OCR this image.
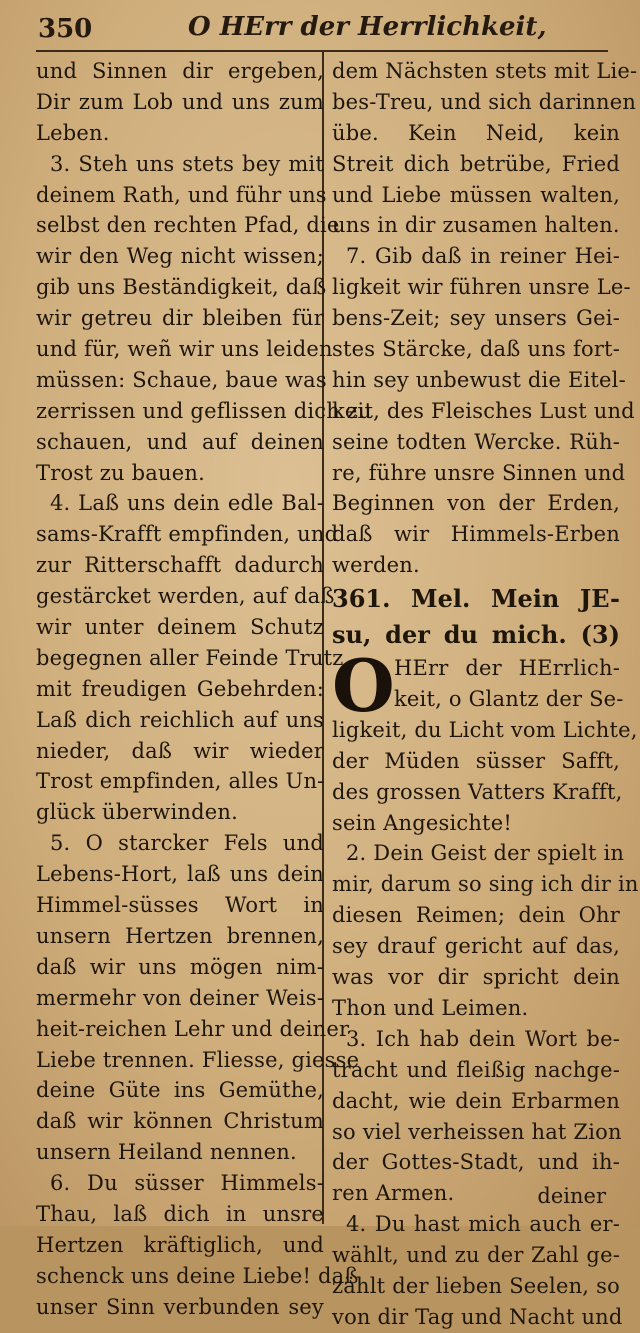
350	O HErr der Herrlichkeit,
und Sinnen dir ergeben,
Dir zum Lob und uns zum
Leben.
3. Steh uns stets bey mit
deinem Rath, und führ uns
selbst den rechten Pfad, die
wir den Weg nicht wissen;
gib uns Beständigkeit, daß
wir getreu dir bleiben für
und für, weñ wir uns leiden
müssen: Schaue, baue was
zerrissen und geflissen dich zu
schauen, und auf deinen
Trost zu bauen.
4. Laß uns dein edle Bal-
sams-Krafft empfinden, und
zur Ritterschafft dadurch
gestärcket werden, auf daß
wir unter deinem Schutz
begegnen aller Feinde Trutz
mit freudigen Gebehrden:
Laß dich reichlich auf uns
nieder, daß wir wieder
Trost empfinden, alles Un-
glück überwinden.
5. O starcker Fels und
Lebens-Hort, laß uns dein
Himmel-süsses Wort in
unsern Hertzen brennen,
daß wir uns mögen nim-
mermehr von deiner Weis-
heit-reichen Lehr und deiner
Liebe trennen. Fliesse, giesse
deine Güte ins Gemüthe,
daß wir können Christum
unsern Heiland nennen.
6. Du süsser Himmels-
Thau, laß dich in unsre
Hertzen kräftiglich, und
schenck uns deine Liebe! daß
unser Sinn verbunden sey
dem Nächsten stets mit Lie-
bes-Treu, und sich darinnen
übe. Kein Neid, kein
Streit dich betrübe, Fried
und Liebe müssen walten,
uns in dir zusamen halten.
7. Gib daß in reiner Hei-
ligkeit wir führen unsre Le-
bens-Zeit; sey unsers Gei-
stes Stärcke, daß uns fort-
hin sey unbewust die Eitel-
keit, des Fleisches Lust und
seine todten Wercke. Rüh-
re, führe unsre Sinnen und
Beginnen von der Erden,
daß wir Himmels-Erben
werden.
361. Mel. Mein JE-
su, der du mich. (3)
O HErr der HErrlich-
keit, o Glantz der Se-
ligkeit, du Licht vom Lichte,
der Müden süsser Safft,
des grossen Vatters Krafft,
sein Angesichte!
2. Dein Geist der spielt in
mir, darum so sing ich dir in
diesen Reimen; dein Ohr
sey drauf gericht auf das,
was vor dir spricht dein
Thon und Leimen.
3. Ich hab dein Wort be-
tracht und fleißig nachge-
dacht, wie dein Erbarmen
so viel verheissen hat Zion
der Gottes-Stadt, und ih-
ren Armen.
4. Du hast mich auch er-
wählt, und zu der Zahl ge-
zählt der lieben Seelen, so
von dir Tag und Nacht und
deiner
